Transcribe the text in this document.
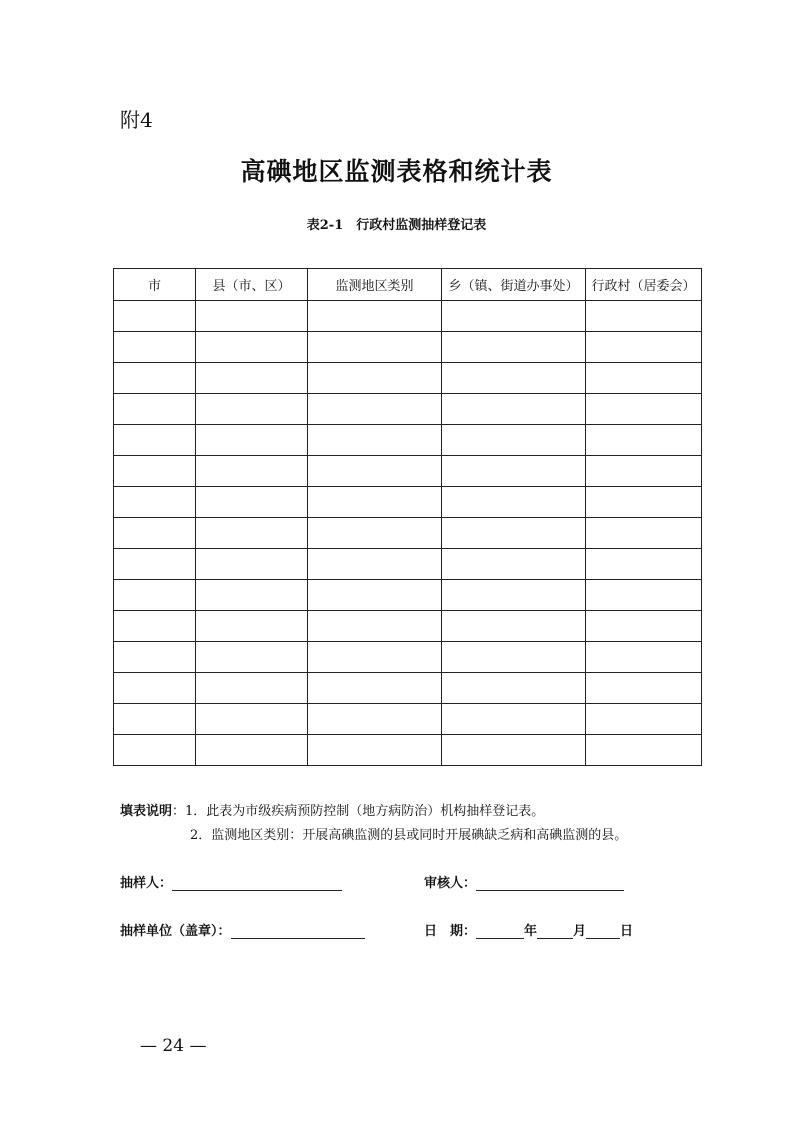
附4
高碘地区监测表格和统计表
表2-1　行政村监测抽样登记表
市	县（市、区）	监测地区类别	乡（镇、街道办事处）	行政村（居委会）

填表说明：1．此表为市级疾病预防控制（地方病防治）机构抽样登记表。
2．监测地区类别：开展高碘监测的县或同时开展碘缺乏病和高碘监测的县。
抽样人：	审核人：
抽样单位（盖章）：	日　期：	年	月	日
— 24 —
